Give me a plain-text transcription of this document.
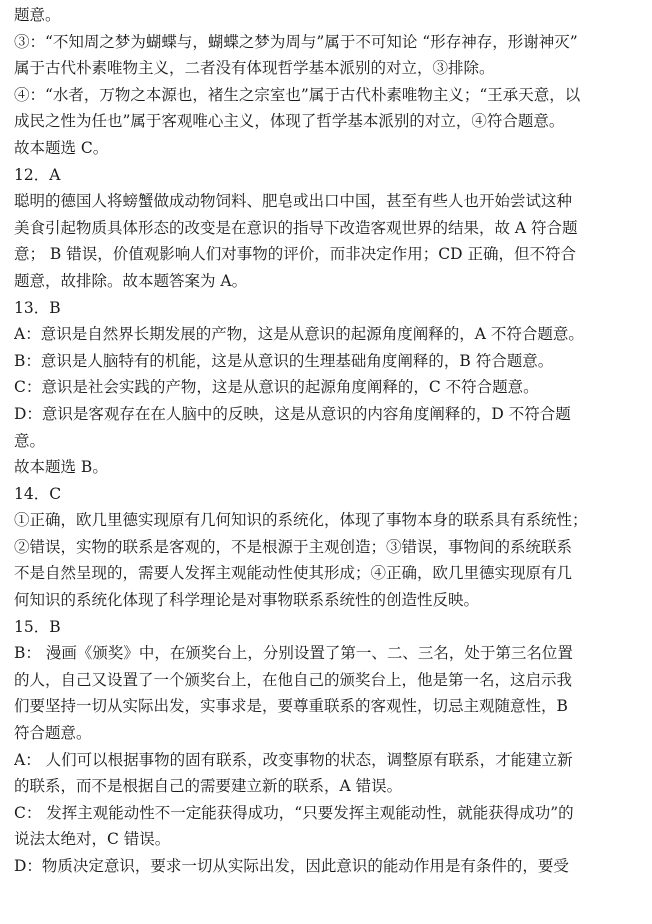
题意。
③：“不知周之梦为蝴蝶与，蝴蝶之梦为周与”属于不可知论 “形存神存，形谢神灭”
属于古代朴素唯物主义，二者没有体现哲学基本派别的对立，③排除。
④：“水者，万物之本源也，褚生之宗室也”属于古代朴素唯物主义；“王承天意，以
成民之性为任也”属于客观唯心主义，体现了哲学基本派别的对立，④符合题意。
故本题选 C。
12．A
聪明的德国人将螃蟹做成动物饲料、肥皂或出口中国，甚至有些人也开始尝试这种
美食引起物质具体形态的改变是在意识的指导下改造客观世界的结果，故 A 符合题
意； B 错误，价值观影响人们对事物的评价，而非决定作用；CD 正确，但不符合
题意，故排除。故本题答案为 A。
13．B
A：意识是自然界长期发展的产物，这是从意识的起源角度阐释的，A 不符合题意。
B：意识是人脑特有的机能，这是从意识的生理基础角度阐释的，B 符合题意。
C：意识是社会实践的产物，这是从意识的起源角度阐释的，C 不符合题意。
D：意识是客观存在在人脑中的反映，这是从意识的内容角度阐释的，D 不符合题
意。
故本题选 B。
14．C
①正确，欧几里德实现原有几何知识的系统化，体现了事物本身的联系具有系统性；
②错误，实物的联系是客观的，不是根源于主观创造；③错误，事物间的系统联系
不是自然呈现的，需要人发挥主观能动性使其形成；④正确，欧几里德实现原有几
何知识的系统化体现了科学理论是对事物联系系统性的创造性反映。
15．B
B： 漫画《颁奖》中，在颁奖台上，分别设置了第一、二、三名，处于第三名位置
的人，自己又设置了一个颁奖台上，在他自己的颁奖台上，他是第一名，这启示我
们要坚持一切从实际出发，实事求是，要尊重联系的客观性，切忌主观随意性，B
符合题意。
A： 人们可以根据事物的固有联系，改变事物的状态，调整原有联系，才能建立新
的联系，而不是根据自己的需要建立新的联系，A 错误。
C： 发挥主观能动性不一定能获得成功，“只要发挥主观能动性，就能获得成功”的
说法太绝对，C 错误。
D：物质决定意识，要求一切从实际出发，因此意识的能动作用是有条件的，要受
